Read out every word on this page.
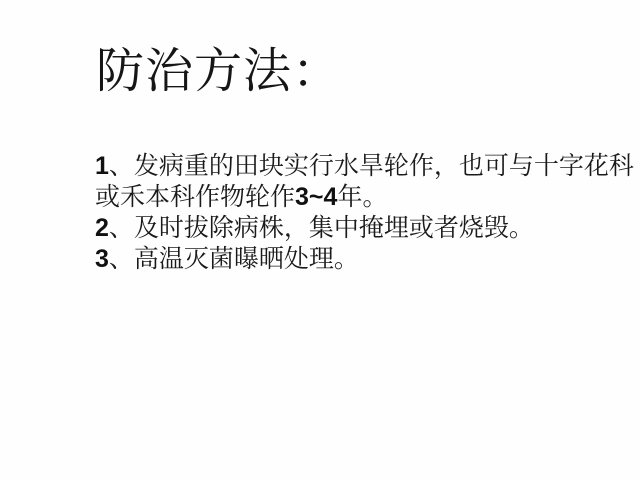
防治方法：

1、发病重的田块实行水旱轮作，也可与十字花科或禾本科作物轮作3~4年。

2、及时拔除病株，集中掩埋或者烧毁。

3、高温灭菌曝晒处理。
